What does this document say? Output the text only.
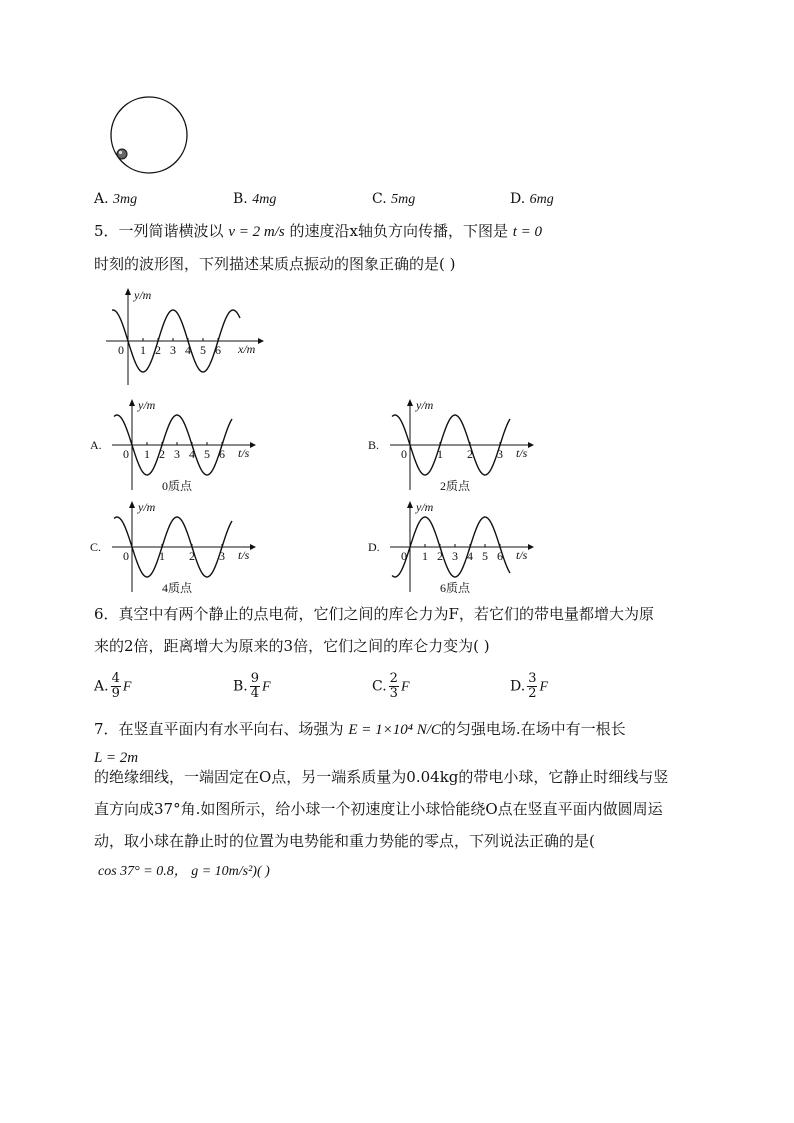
A. 3mg	B. 4mg	C. 5mg	D. 6mg
5．一列简谐横波以 v = 2 m/s 的速度沿x轴负方向传播，下图是 t = 0
时刻的波形图，下列描述某质点振动的图象正确的是( )
y/m
x/m
0 1 2 3 4 5 6
y/m
t/s
A.
0 1 2 3 4 5 6
0质点
y/m
t/s
B.
0	1 2 3
2质点
y/m
t/s
C.
0	1 2 3
4质点
y/m
t/s
D.
0 1 2 3 4 5 6
6质点
6．真空中有两个静止的点电荷，它们之间的库仑力为F，若它们的带电量都增大为原
来的2倍，距离增大为原来的3倍，它们之间的库仑力变为( )
A. $\frac{4}{9}$ F	B. $\frac{9}{4}$ F	C. $\frac{2}{3}$ F	D. $\frac{3}{2}$ F
7．在竖直平面内有水平向右、场强为 E = 1×10⁴ N/C的匀强电场.在场中有一根长
L = 2m
的绝缘细线，一端固定在O点，另一端系质量为0.04kg的带电小球，它静止时细线与竖
直方向成37°角.如图所示，给小球一个初速度让小球恰能绕O点在竖直平面内做圆周运
动，取小球在静止时的位置为电势能和重力势能的零点，下列说法正确的是(
cos 37° = 0.8， g = 10m/s²)( )
